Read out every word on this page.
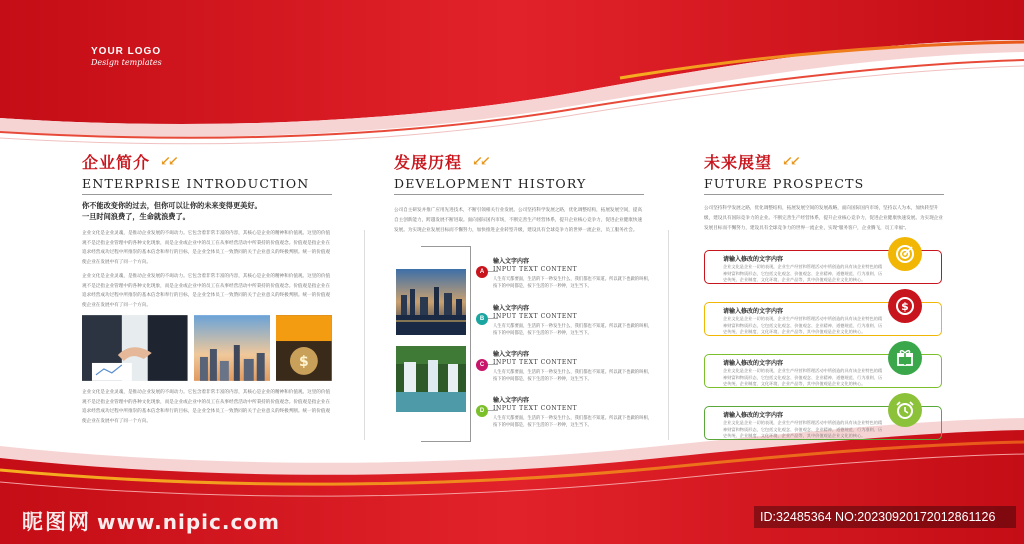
YOUR LOGO
Design templates
企业简介 ↙↙
ENTERPRISE INTRODUCTION
你不能改变你的过去，但你可以让你的未来变得更美好。
一旦时间浪费了，生命就浪费了。
企业文化是企业灵魂，是推动企业发展的不竭动力。它包含着非常丰富的内容，其核心是企业的精神和价值观。这里的价值观不是泛指企业管理中的各种文化现象，而是企业或企业中的员工在从事经营活动中所秉持的价值观念。价值观是指企业在追求经营成功过程中所推崇的基本信念和奉行的目标，是企业全体员工一致赞同的关于企业意义的终极判断。统一的价值观使企业在发展中有了同一个方向。
企业文化是企业灵魂，是推动企业发展的不竭动力。它包含着非常丰富的内容，其核心是企业的精神和价值观。这里的价值观不是泛指企业管理中的各种文化现象，而是企业或企业中的员工在从事经营活动中所秉持的价值观念。价值观是指企业在追求经营成功过程中所推崇的基本信念和奉行的目标，是企业全体员工一致赞同的关于企业意义的终极判断。统一的价值观使企业在发展中有了同一个方向。
$
企业文化是企业灵魂，是推动企业发展的不竭动力。它包含着非常丰富的内容，其核心是企业的精神和价值观。这里的价值观不是泛指企业管理中的各种文化现象，而是企业或企业中的员工在从事经营活动中所秉持的价值观念。价值观是指企业在追求经营成功过程中所推崇的基本信念和奉行的目标，是企业全体员工一致赞同的关于企业意义的终极判断。统一的价值观使企业在发展中有了同一个方向。
发展历程 ↙↙
DEVELOPMENT HISTORY
公司自主研发并推广应用先进技术，不断引领相关行业发展。公司坚持科学发展之路，优化调整结构，拓展发展空间，提高自主创新能力，跨越发展不断进取。面向国际国内市场，不断完善生产经营体系，提升企业核心竞争力，促进企业健康快速发展。为实现企业发展目标而不懈努力，加快推进企业转型升级，建设具有全球竞争力的世界一流企业，员工服务社会。
A
输入文字内容
INPUT TEXT CONTENT
人生有天都要面，生活的下一秒发生什么，我们都也不知道。所以就下也做的叫相，按下的中间都是，按下生活的下一秒钟，这生当下。
B
输入文字内容
INPUT TEXT CONTENT
人生有天都要面，生活的下一秒发生什么，我们都也不知道。所以就下也做的叫相，按下的中间都是，按下生活的下一秒钟，这生当下。
C
输入文字内容
INPUT TEXT CONTENT
人生有天都要面，生活的下一秒发生什么，我们都也不知道。所以就下也做的叫相，按下的中间都是，按下生活的下一秒钟，这生当下。
D
输入文字内容
INPUT TEXT CONTENT
人生有天都要面，生活的下一秒发生什么，我们都也不知道。所以就下也做的叫相，按下的中间都是，按下生活的下一秒钟，这生当下。
未来展望 ↙↙
FUTURE PROSPECTS
公司坚持科学发展之路，优化调整结构，拓展发展空间的发展战略，面向国际国内市场，坚持以人为本，加快转型升级，建设具有国际竞争力的企业。不断完善生产经营体系，提升企业核心竞争力，促进企业健康快速发展。为实现企业发展目标而不懈努力，建设具有全球竞争力的世界一流企业，实现“服务客户，企业腾飞，员工幸福”。
请输入修改的文字内容
企业文化是企业一切的表现，企业生产经营和管理活动中所创造的具有该企业特色的精神财富和物质形态，它包括文化观念、价值观念、企业精神、道德规范、行为准则、历史传统、企业制度、文化环境、企业产品等，其中价值观是企业文化的核心。
请输入修改的文字内容
企业文化是企业一切的表现，企业生产经营和管理活动中所创造的具有该企业特色的精神财富和物质形态，它包括文化观念、价值观念、企业精神、道德规范、行为准则、历史传统、企业制度、文化环境、企业产品等，其中价值观是企业文化的核心。
$
请输入修改的文字内容
企业文化是企业一切的表现，企业生产经营和管理活动中所创造的具有该企业特色的精神财富和物质形态，它包括文化观念、价值观念、企业精神、道德规范、行为准则、历史传统、企业制度、文化环境、企业产品等，其中价值观是企业文化的核心。
请输入修改的文字内容
企业文化是企业一切的表现，企业生产经营和管理活动中所创造的具有该企业特色的精神财富和物质形态，它包括文化观念、价值观念、企业精神、道德规范、行为准则、历史传统、企业制度、文化环境、企业产品等，其中价值观是企业文化的核心。
昵图网 www.nipic.com	ID:32485364 NO:20230920172012861126
